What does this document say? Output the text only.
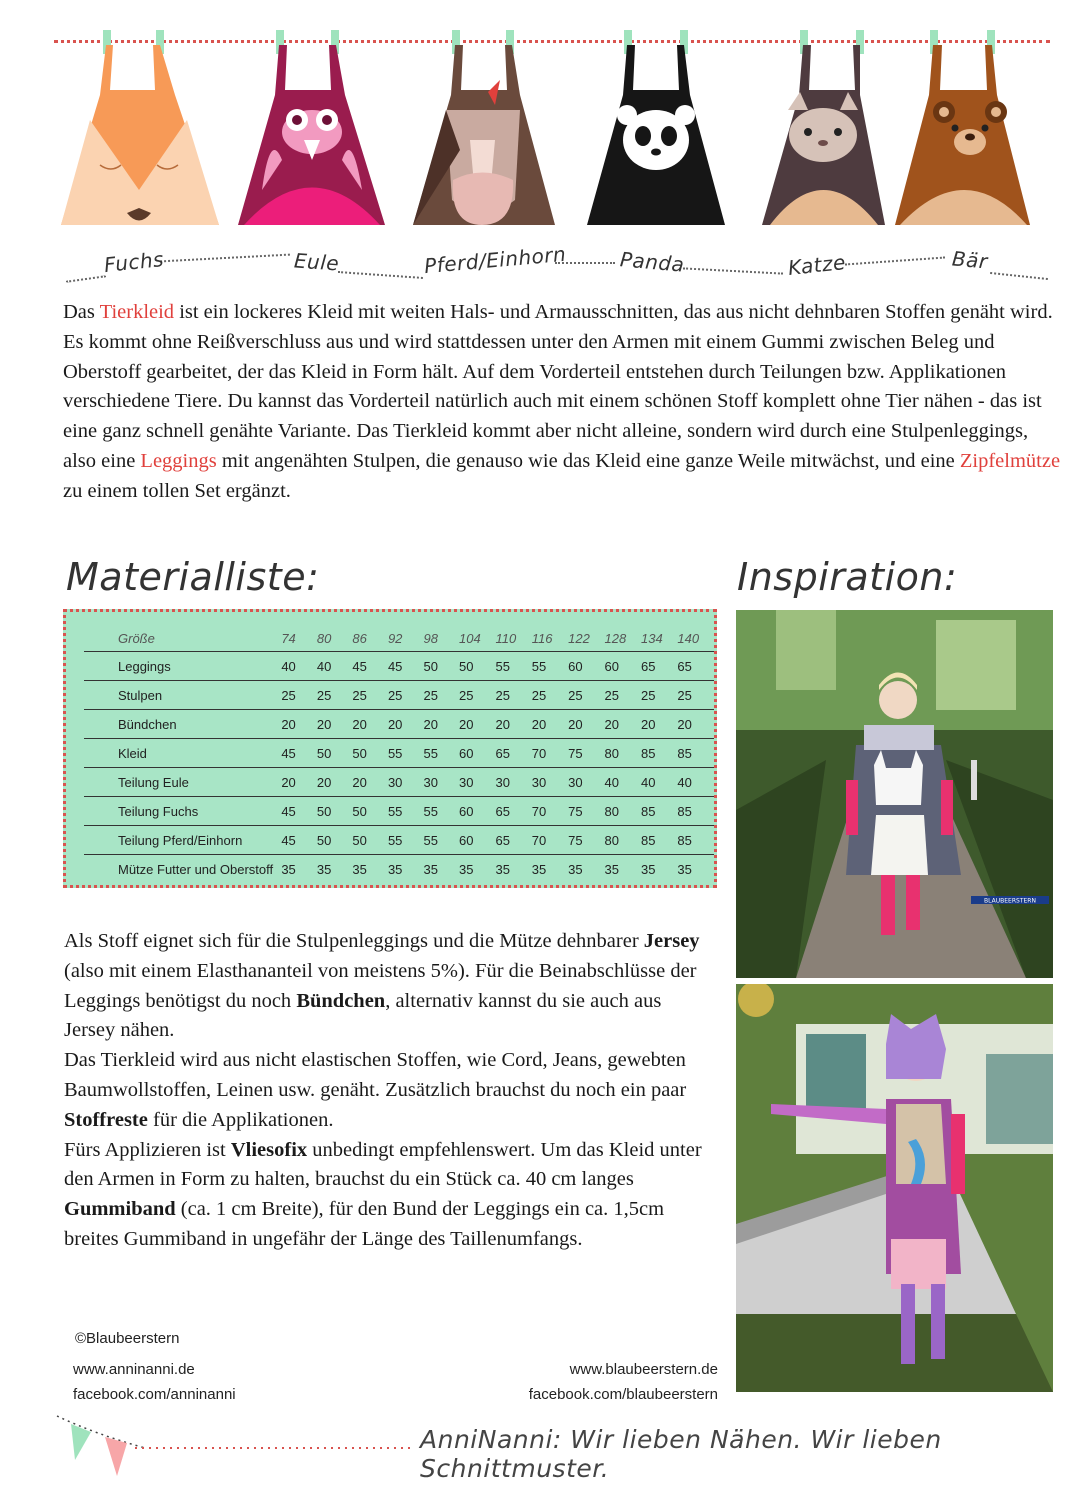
Fuchs	Eule	Pferd/Einhorn	Panda	Katze	Bär
Das Tierkleid ist ein lockeres Kleid mit weiten Hals- und Armausschnitten, das aus nicht dehnbaren Stoffen genäht wird. Es kommt ohne Reißverschluss aus und wird stattdessen unter den Armen mit einem Gummi zwischen Beleg und Oberstoff gearbeitet, der das Kleid in Form hält. Auf dem Vorderteil entstehen durch Teilungen bzw. Applikationen verschiedene Tiere. Du kannst das Vorderteil natürlich auch mit einem schönen Stoff komplett ohne Tier nähen - das ist eine ganz schnell genähte Variante. Das Tierkleid kommt aber nicht alleine, sondern wird durch eine Stulpenleggings, also eine Leggings mit angenähten Stulpen, die genauso wie das Kleid eine ganze Weile mitwächst, und eine Zipfelmütze zu einem tollen Set ergänzt.
Materialliste:	Inspiration:
Größe	74	80	86	92	98	104	110	116	122	128	134	140
Leggings	40	40	45	45	50	50	55	55	60	60	65	65
Stulpen	25	25	25	25	25	25	25	25	25	25	25	25
Bündchen	20	20	20	20	20	20	20	20	20	20	20	20
Kleid	45	50	50	55	55	60	65	70	75	80	85	85
Teilung Eule	20	20	20	30	30	30	30	30	30	40	40	40
Teilung Fuchs	45	50	50	55	55	60	65	70	75	80	85	85
Teilung Pferd/Einhorn	45	50	50	55	55	60	65	70	75	80	85	85
Mütze Futter und Oberstoff	35	35	35	35	35	35	35	35	35	35	35	35
BLAUBEERSTERN
Als Stoff eignet sich für die Stulpenleggings und die Mütze dehnbarer Jersey (also mit einem Elasthananteil von meistens 5%). Für die Beinabschlüsse der Leggings benötigst du noch Bündchen, alternativ kannst du sie auch aus Jersey nähen.
Das Tierkleid wird aus nicht elastischen Stoffen, wie Cord, Jeans, gewebten Baumwollstoffen, Leinen usw. genäht. Zusätzlich brauchst du noch ein paar Stoffreste für die Applikationen.
Fürs Applizieren ist Vliesofix unbedingt empfehlenswert. Um das Kleid unter den Armen in Form zu halten, brauchst du ein Stück ca. 40 cm langes Gummiband (ca. 1 cm Breite), für den Bund der Leggings ein ca. 1,5cm breites Gummiband in ungefähr der Länge des Taillenumfangs.
©Blaubeerstern
www.anninanni.de
facebook.com/anninanni
www.blaubeerstern.de
facebook.com/blaubeerstern
AnniNanni: Wir lieben Nähen. Wir lieben Schnittmuster.
